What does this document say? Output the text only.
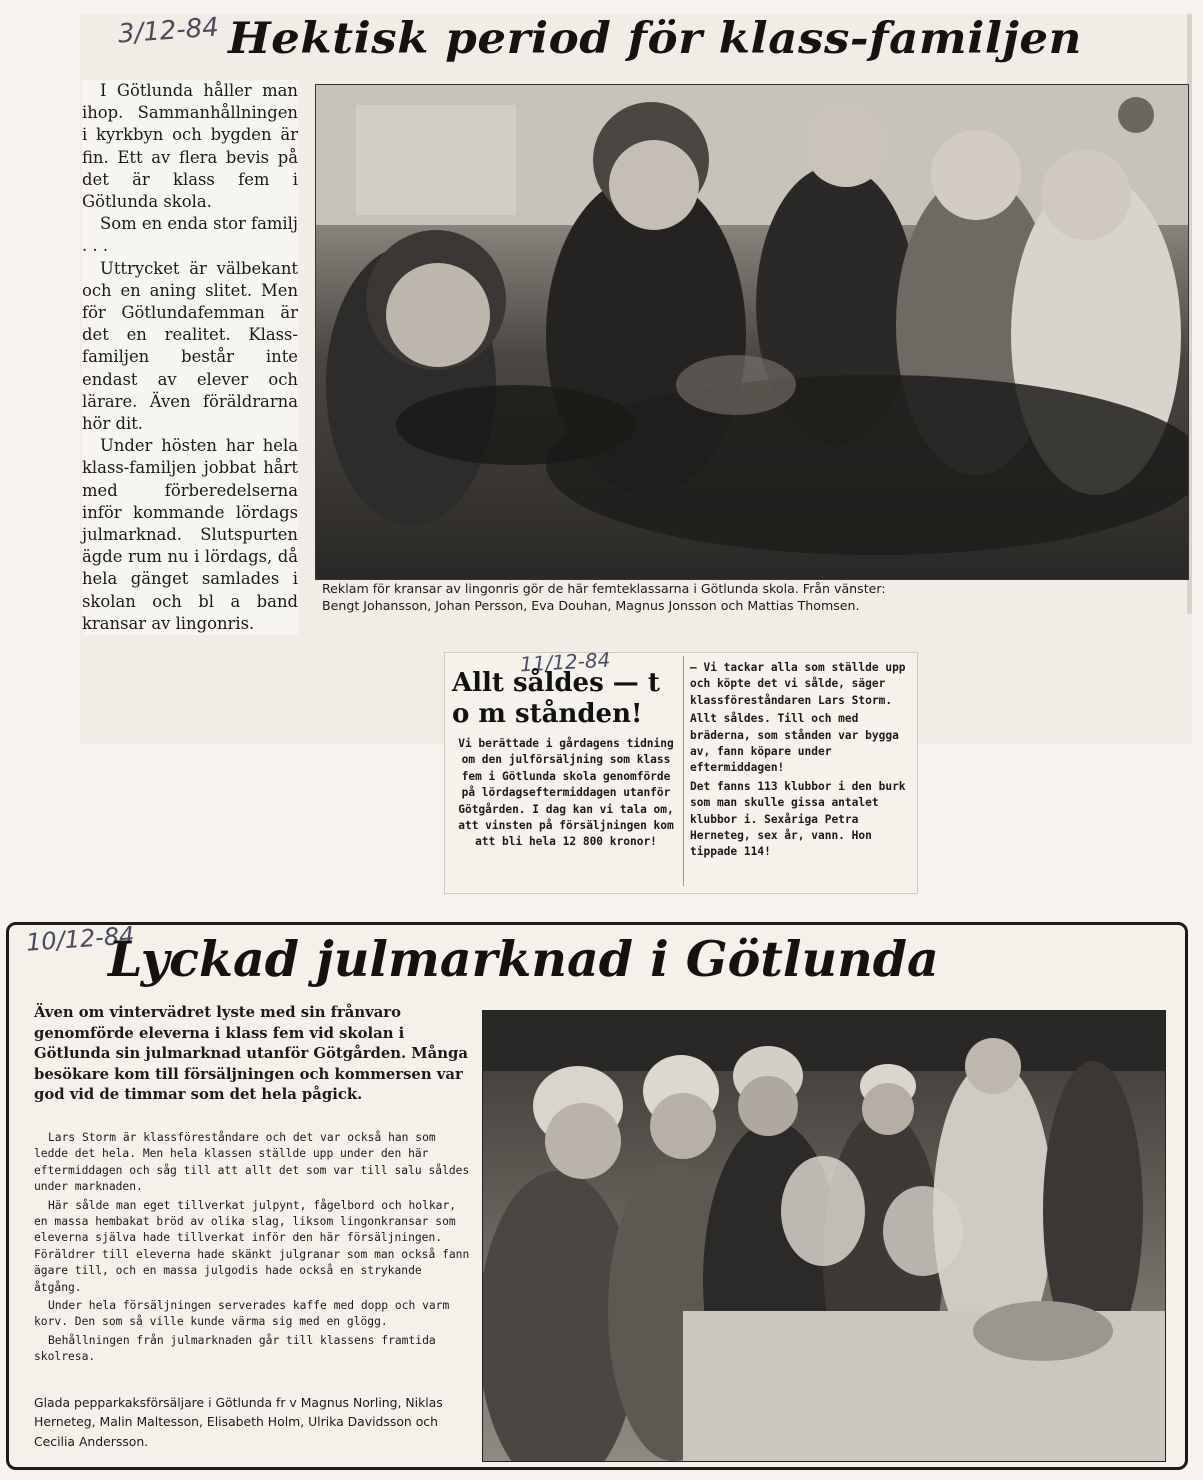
3/12-84 Hektisk period för klass-familjen

I Götlunda håller man ihop. Sammanhållningen i kyrkbyn och bygden är fin. Ett av flera bevis på det är klass fem i Götlunda skola.

Som en enda stor familj . . .

Uttrycket är välbekant och en aning slitet. Men för Götlundafemman är det en realitet. Klass-familjen består inte endast av elever och lärare. Även föräldrarna hör dit.

Under hösten har hela klass-familjen jobbat hårt med förberedelserna inför kommande lördags julmarknad. Slutspurten ägde rum nu i lördags, då hela gänget samlades i skolan och bl a band kransar av lingonris.

Reklam för kransar av lingonris gör de här femteklassarna i Götlunda skola. Från vänster:
Bengt Johansson, Johan Persson, Eva Douhan, Magnus Jonsson och Mattias Thomsen.
11/12-84
Allt såldes — t o m stånden!
Vi berättade i gårdagens tidning om den julförsäljning som klass fem i Götlunda skola genomförde på lördagseftermiddagen utanför Götgården. I dag kan vi tala om, att vinsten på försäljningen kom att bli hela 12 800 kronor!

— Vi tackar alla som ställde upp och köpte det vi sålde, säger klassföreståndaren Lars Storm.

Allt såldes. Till och med bräderna, som stånden var bygga av, fann köpare under eftermiddagen!

Det fanns 113 klubbor i den burk som man skulle gissa antalet klubbor i. Sexåriga Petra Herneteg, sex år, vann. Hon tippade 114!

10/12-84
Lyckad julmarknad i Götlunda
Även om vintervädret lyste med sin frånvaro genomförde eleverna i klass fem vid skolan i Götlunda sin julmarknad utanför Götgården. Många besökare kom till försäljningen och kommersen var god vid de timmar som det hela pågick.

Lars Storm är klassföreståndare och det var också han som ledde det hela. Men hela klassen ställde upp under den här eftermiddagen och såg till att allt det som var till salu såldes under marknaden.

Här sålde man eget tillverkat julpynt, fågelbord och holkar, en massa hembakat bröd av olika slag, liksom lingonkransar som eleverna själva hade tillverkat inför den här försäljningen. Föräldrer till eleverna hade skänkt julgranar som man också fann ägare till, och en massa julgodis hade också en strykande åtgång.

Under hela försäljningen serverades kaffe med dopp och varm korv. Den som så ville kunde värma sig med en glögg.

Behållningen från julmarknaden går till klassens framtida skolresa.

Glada pepparkaksförsäljare i Götlunda fr v Magnus Norling, Niklas Herneteg, Malin Maltesson, Elisabeth Holm, Ulrika Davidsson och Cecilia Andersson.
